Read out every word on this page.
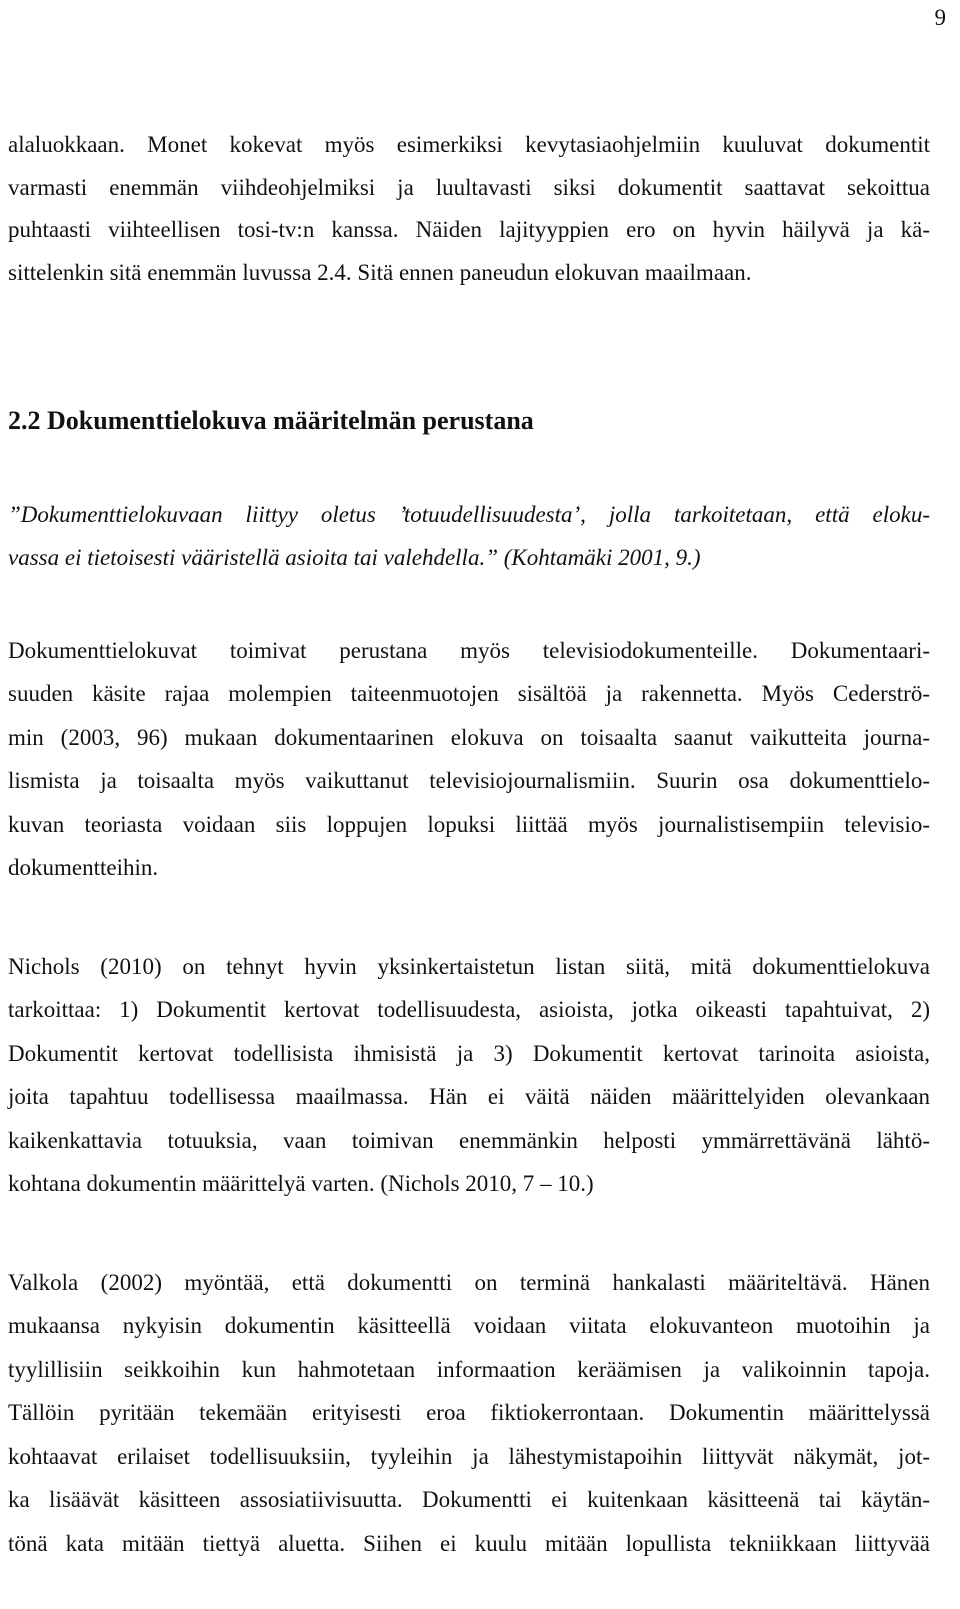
9
alaluokkaan. Monet kokevat myös esimerkiksi kevytasiaohjelmiin kuuluvat dokumentit
varmasti enemmän viihdeohjelmiksi ja luultavasti siksi dokumentit saattavat sekoittua
puhtaasti viihteellisen tosi-tv:n kanssa. Näiden lajityyppien ero on hyvin häilyvä ja kä-
sittelenkin sitä enemmän luvussa 2.4. Sitä ennen paneudun elokuvan maailmaan.
2.2 Dokumenttielokuva määritelmän perustana
”Dokumenttielokuvaan liittyy oletus ’totuudellisuudesta’, jolla tarkoitetaan, että eloku-
vassa ei tietoisesti vääristellä asioita tai valehdella.” (Kohtamäki 2001, 9.)
Dokumenttielokuvat toimivat perustana myös televisiodokumenteille. Dokumentaari-
suuden käsite rajaa molempien taiteenmuotojen sisältöä ja rakennetta. Myös Cederströ-
min (2003, 96) mukaan dokumentaarinen elokuva on toisaalta saanut vaikutteita journa-
lismista ja toisaalta myös vaikuttanut televisiojournalismiin. Suurin osa dokumenttielo-
kuvan teoriasta voidaan siis loppujen lopuksi liittää myös journalistisempiin televisio-
dokumentteihin.
Nichols (2010) on tehnyt hyvin yksinkertaistetun listan siitä, mitä dokumenttielokuva
tarkoittaa: 1) Dokumentit kertovat todellisuudesta, asioista, jotka oikeasti tapahtuivat, 2)
Dokumentit kertovat todellisista ihmisistä ja 3) Dokumentit kertovat tarinoita asioista,
joita tapahtuu todellisessa maailmassa. Hän ei väitä näiden määrittelyiden olevankaan
kaikenkattavia totuuksia, vaan toimivan enemmänkin helposti ymmärrettävänä lähtö-
kohtana dokumentin määrittelyä varten. (Nichols 2010, 7 – 10.)
Valkola (2002) myöntää, että dokumentti on terminä hankalasti määriteltävä. Hänen
mukaansa nykyisin dokumentin käsitteellä voidaan viitata elokuvanteon muotoihin ja
tyylillisiin seikkoihin kun hahmotetaan informaation keräämisen ja valikoinnin tapoja.
Tällöin pyritään tekemään erityisesti eroa fiktiokerrontaan. Dokumentin määrittelyssä
kohtaavat erilaiset todellisuuksiin, tyyleihin ja lähestymistapoihin liittyvät näkymät, jot-
ka lisäävät käsitteen assosiatiivisuutta. Dokumentti ei kuitenkaan käsitteenä tai käytän-
tönä kata mitään tiettyä aluetta. Siihen ei kuulu mitään lopullista tekniikkaan liittyvää
